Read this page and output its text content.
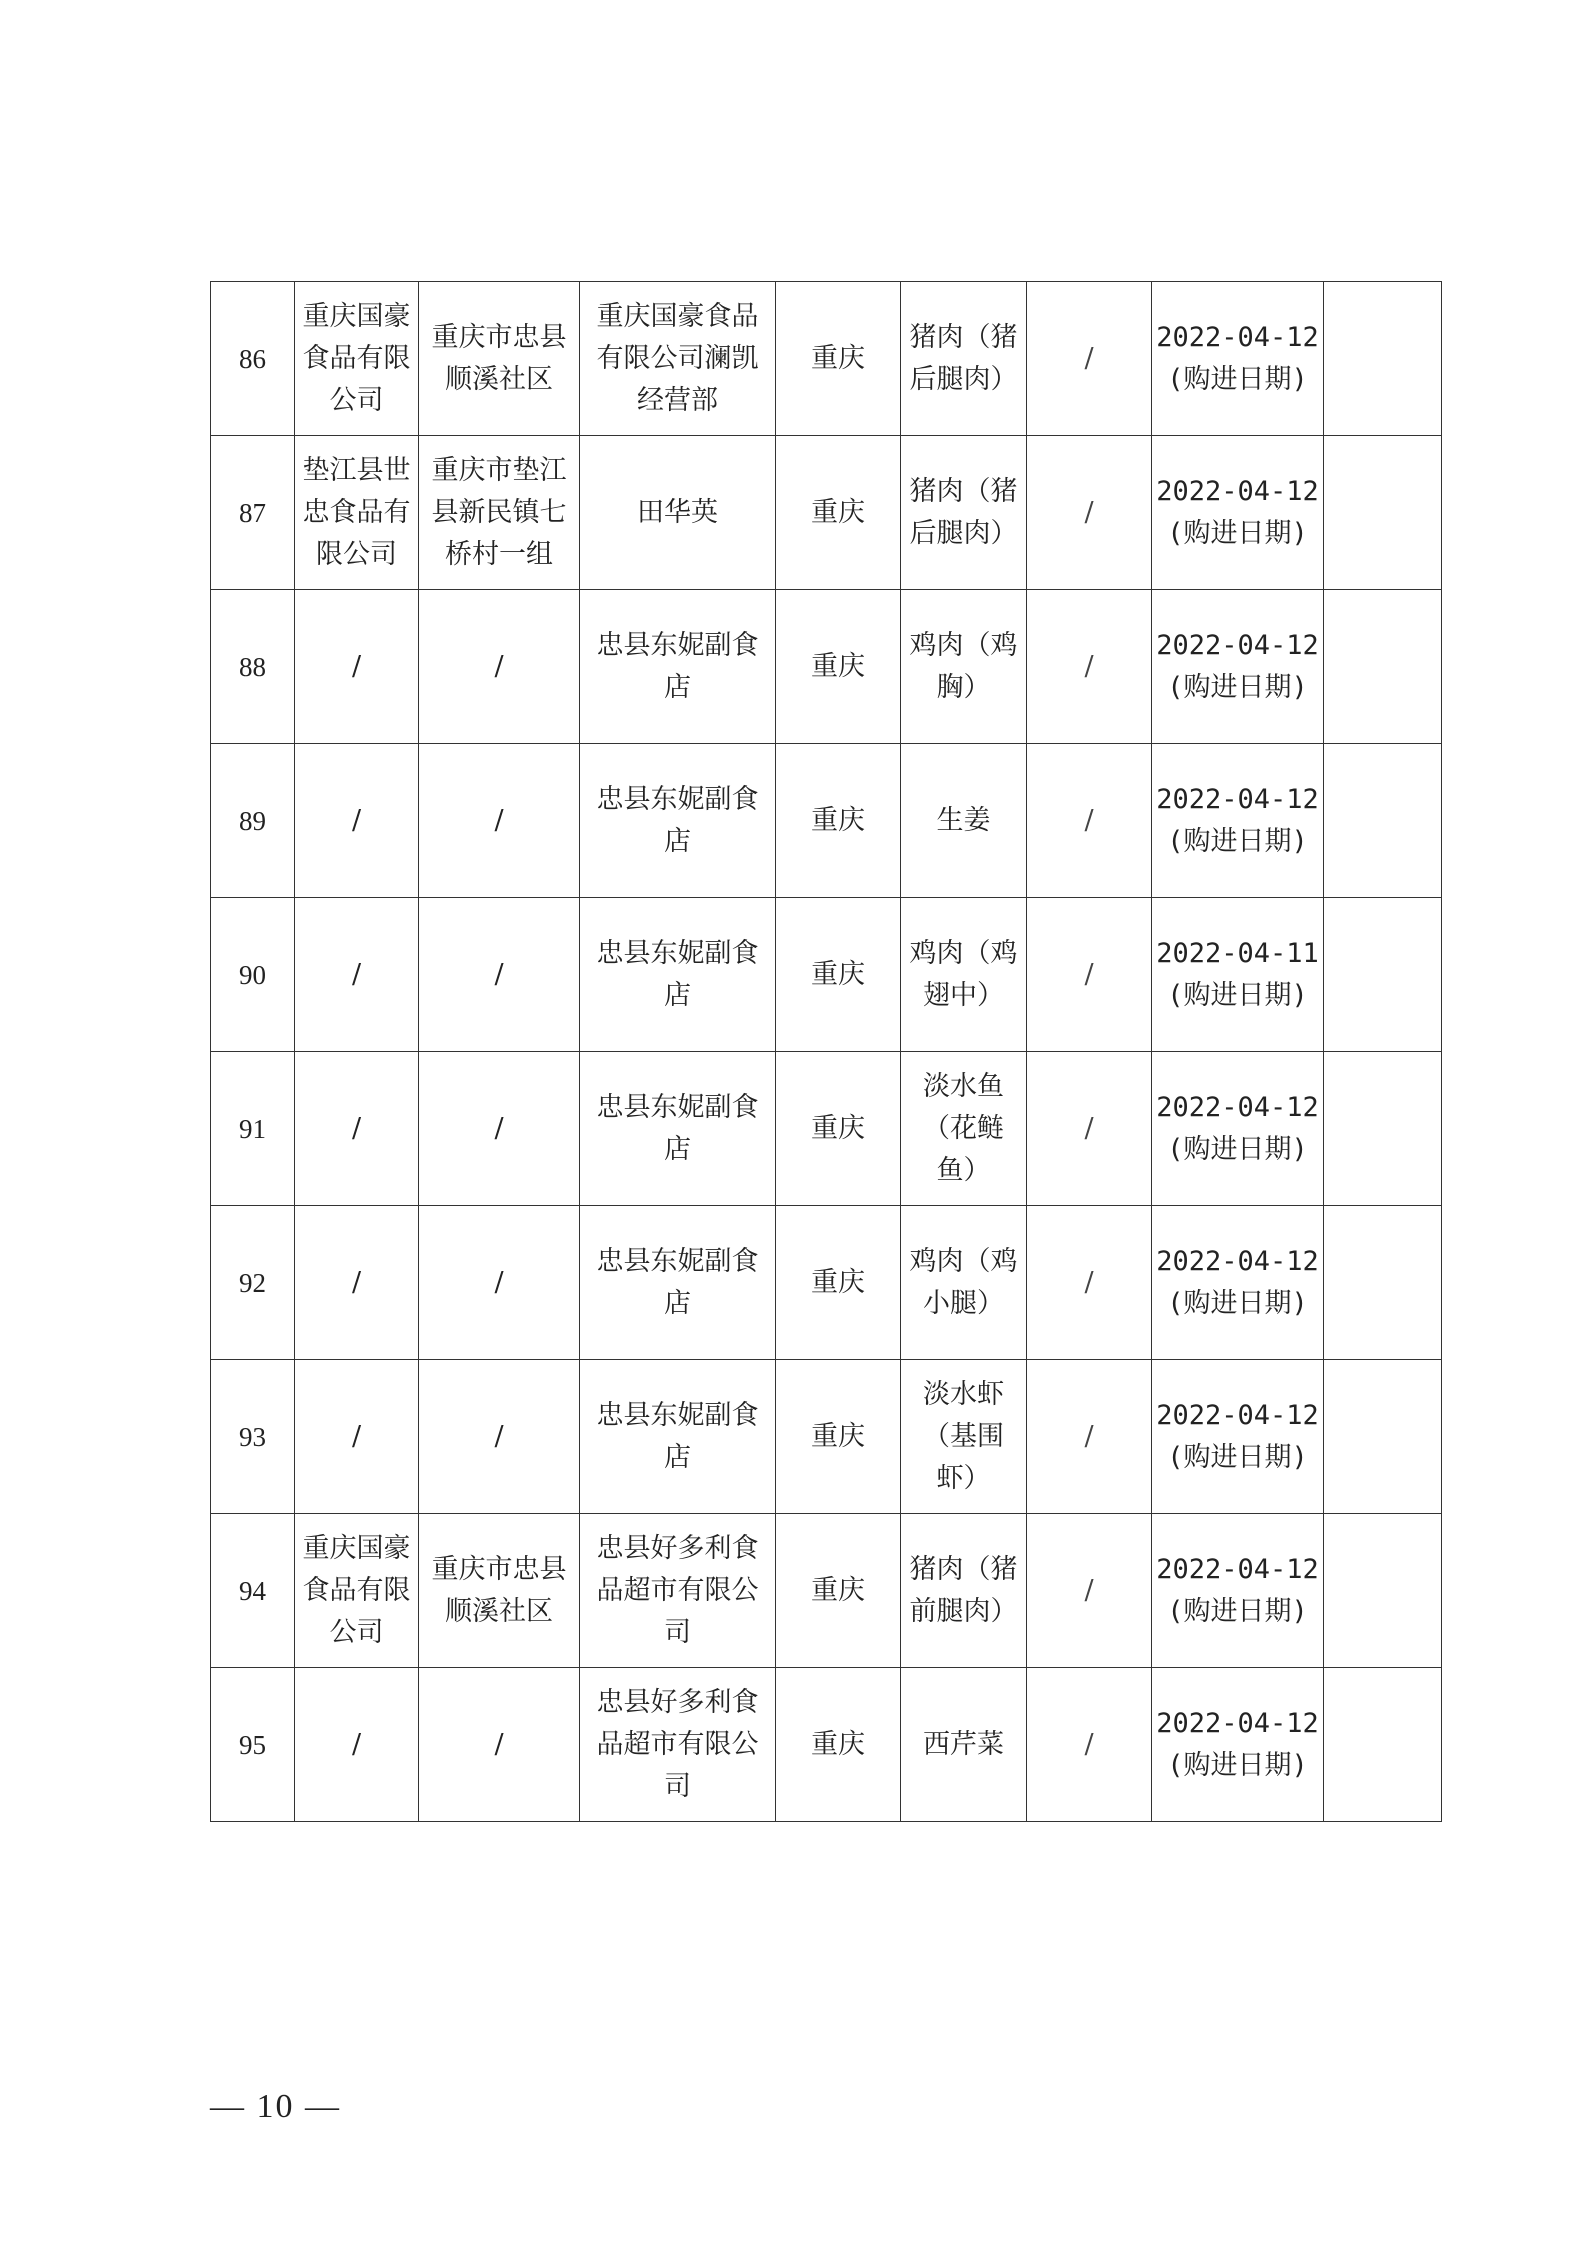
86	重庆国豪食品有限公司	重庆市忠县顺溪社区	重庆国豪食品有限公司澜凯经营部	重庆	猪肉（猪后腿肉）	/	2022-04-12
(购进日期)	

87	垫江县世忠食品有限公司	重庆市垫江县新民镇七桥村一组	田华英	重庆	猪肉（猪后腿肉）	/	2022-04-12
(购进日期)	

88	/	/	忠县东妮副食店	重庆	鸡肉（鸡胸）	/	2022-04-12
(购进日期)	

89	/	/	忠县东妮副食店	重庆	生姜	/	2022-04-12
(购进日期)	

90	/	/	忠县东妮副食店	重庆	鸡肉（鸡翅中）	/	2022-04-11
(购进日期)	

91	/	/	忠县东妮副食店	重庆	淡水鱼（花鲢鱼）	/	2022-04-12
(购进日期)	

92	/	/	忠县东妮副食店	重庆	鸡肉（鸡小腿）	/	2022-04-12
(购进日期)	

93	/	/	忠县东妮副食店	重庆	淡水虾（基围虾）	/	2022-04-12
(购进日期)	

94	重庆国豪食品有限公司	重庆市忠县顺溪社区	忠县好多利食品超市有限公司	重庆	猪肉（猪前腿肉）	/	2022-04-12
(购进日期)	

95	/	/	忠县好多利食品超市有限公司	重庆	西芹菜	/	2022-04-12
(购进日期)	

— 10 —
